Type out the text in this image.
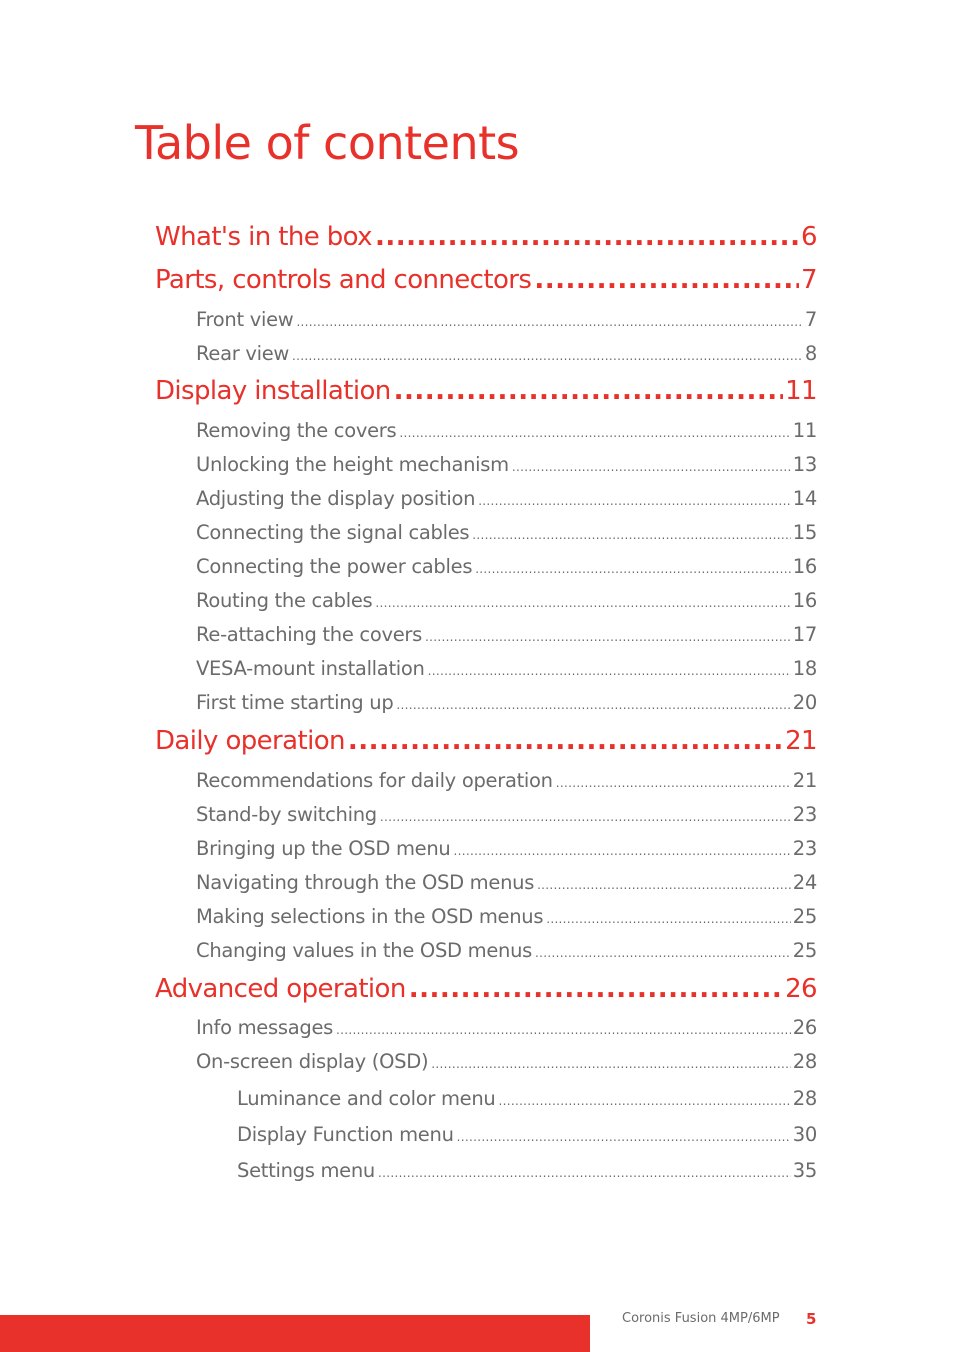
Table of contents
What's in the box .....	6
Parts, controls and connectors .....	7
Front view .....	7
Rear view .....	8
Display installation .....	11
Removing the covers .....	11
Unlocking the height mechanism .....	13
Adjusting the display position .....	14
Connecting the signal cables .....	15
Connecting the power cables .....	16
Routing the cables .....	16
Re-attaching the covers .....	17
VESA-mount installation .....	18
First time starting up .....	20
Daily operation .....	21
Recommendations for daily operation .....	21
Stand-by switching .....	23
Bringing up the OSD menu .....	23
Navigating through the OSD menus .....	24
Making selections in the OSD menus .....	25
Changing values in the OSD menus .....	25
Advanced operation .....	26
Info messages .....	26
On-screen display (OSD) .....	28
Luminance and color menu .....	28
Display Function menu .....	30
Settings menu .....	35
Coronis Fusion 4MP/6MP 5
